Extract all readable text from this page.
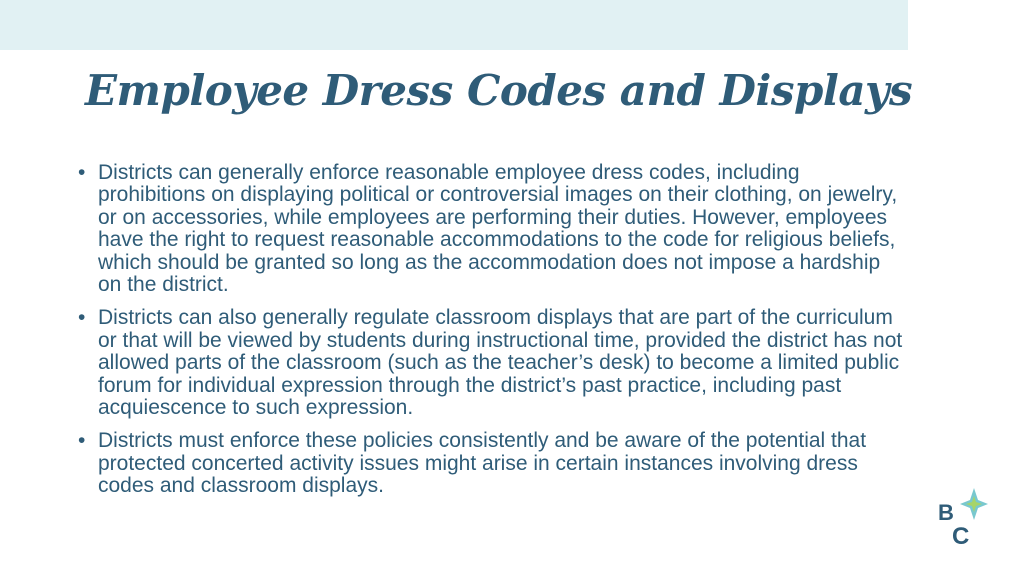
Employee Dress Codes and Displays
• Districts can generally enforce reasonable employee dress codes, including prohibitions on displaying political or controversial images on their clothing, on jewelry, or on accessories, while employees are performing their duties. However, employees have the right to request reasonable accommodations to the code for religious beliefs, which should be granted so long as the accommodation does not impose a hardship on the district.
• Districts can also generally regulate classroom displays that are part of the curriculum or that will be viewed by students during instructional time, provided the district has not allowed parts of the classroom (such as the teacher’s desk) to become a limited public forum for individual expression through the district’s past practice, including past acquiescence to such expression.
• Districts must enforce these policies consistently and be aware of the potential that protected concerted activity issues might arise in certain instances involving dress codes and classroom displays.
B
C
